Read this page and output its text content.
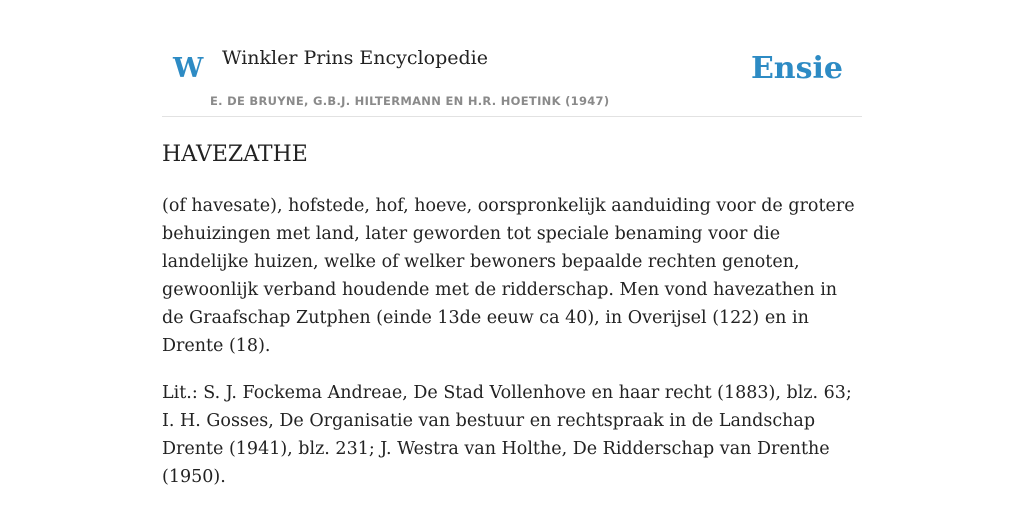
W Winkler Prins Encyclopedie
E. DE BRUYNE, G.B.J. HILTERMANN EN H.R. HOETINK (1947)
Ensie
HAVEZATHE

(of havesate), hofstede, hof, hoeve, oorspronkelijk aanduiding voor de grotere behuizingen met land, later geworden tot speciale benaming voor die landelijke huizen, welke of welker bewoners bepaalde rechten genoten, gewoonlijk verband houdende met de ridderschap. Men vond havezathen in de Graafschap Zutphen (einde 13de eeuw ca 40), in Overijsel (122) en in Drente (18).

Lit.: S. J. Fockema Andreae, De Stad Vollenhove en haar recht (1883), blz. 63; I. H. Gosses, De Organisatie van bestuur en rechtspraak in de Landschap Drente (1941), blz. 231; J. Westra van Holthe, De Ridderschap van Drenthe (1950).
